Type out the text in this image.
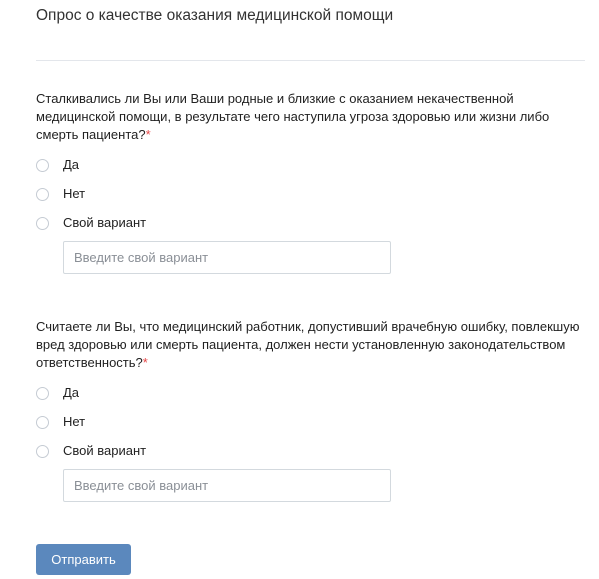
Опрос о качестве оказания медицинской помощи
Сталкивались ли Вы или Ваши родные и близкие с оказанием некачественной медицинской помощи, в результате чего наступила угроза здоровью или жизни либо смерть пациента?*
Да
Нет
Свой вариант
Введите свой вариант
Считаете ли Вы, что медицинский работник, допустивший врачебную ошибку, повлекшую вред здоровью или смерть пациента, должен нести установленную законодательством ответственность?*
Да
Нет
Свой вариант
Введите свой вариант
Отправить
